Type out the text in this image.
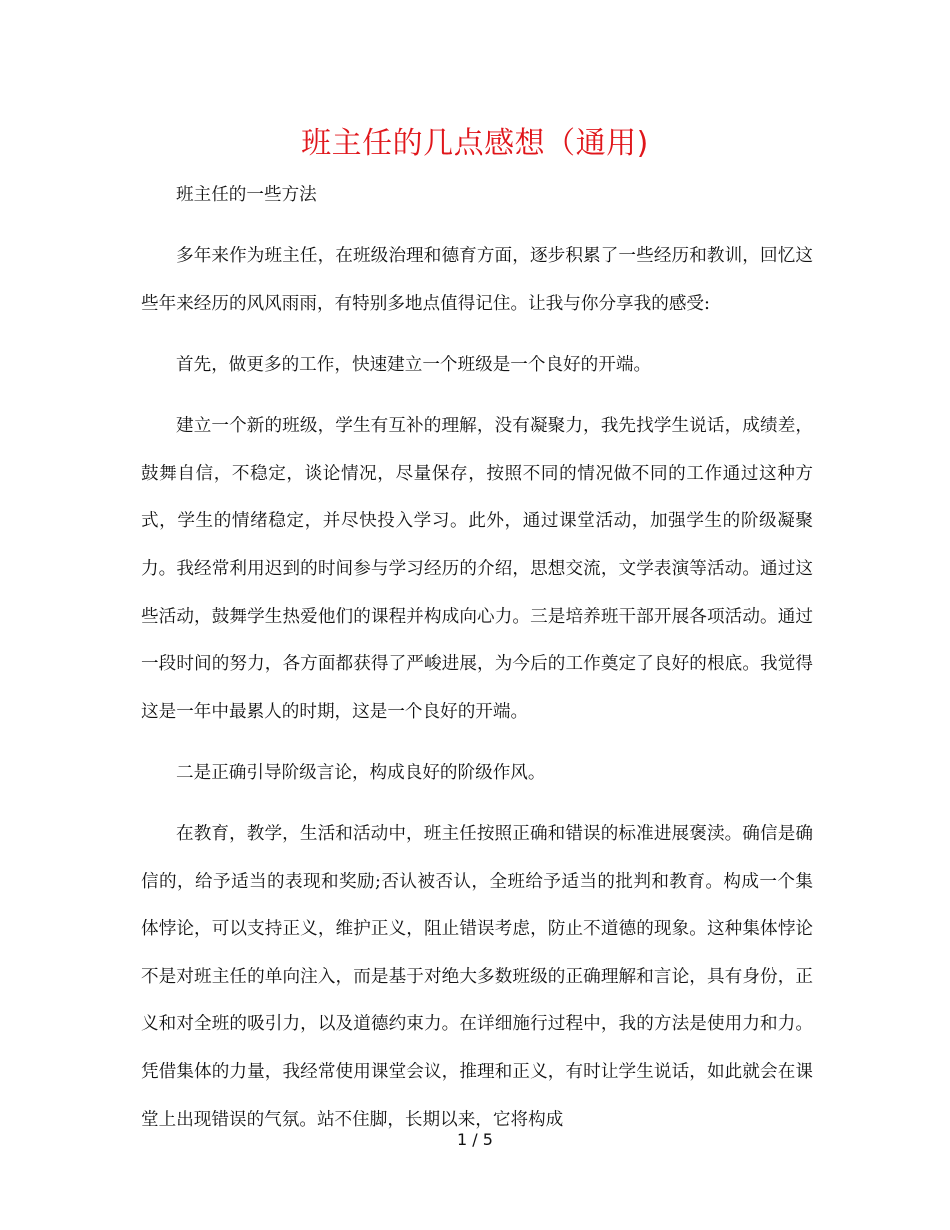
班主任的几点感想（通用)

班主任的一些方法

多年来作为班主任，在班级治理和德育方面，逐步积累了一些经历和教训，回忆这些年来经历的风风雨雨，有特别多地点值得记住。让我与你分享我的感受:

首先，做更多的工作，快速建立一个班级是一个良好的开端。

建立一个新的班级，学生有互补的理解，没有凝聚力，我先找学生说话，成绩差，鼓舞自信，不稳定，谈论情况，尽量保存，按照不同的情况做不同的工作通过这种方式，学生的情绪稳定，并尽快投入学习。此外，通过课堂活动，加强学生的阶级凝聚力。我经常利用迟到的时间参与学习经历的介绍，思想交流，文学表演等活动。通过这些活动，鼓舞学生热爱他们的课程并构成向心力。三是培养班干部开展各项活动。通过一段时间的努力，各方面都获得了严峻进展，为今后的工作奠定了良好的根底。我觉得这是一年中最累人的时期，这是一个良好的开端。

二是正确引导阶级言论，构成良好的阶级作风。

在教育，教学，生活和活动中，班主任按照正确和错误的标准进展褒渎。确信是确信的，给予适当的表现和奖励;否认被否认，全班给予适当的批判和教育。构成一个集体悖论，可以支持正义，维护正义，阻止错误考虑，防止不道德的现象。这种集体悖论不是对班主任的单向注入，而是基于对绝大多数班级的正确理解和言论，具有身份，正义和对全班的吸引力，以及道德约束力。在详细施行过程中，我的方法是使用力和力。凭借集体的力量，我经常使用课堂会议，推理和正义，有时让学生说话，如此就会在课堂上出现错误的气氛。站不住脚，长期以来，它将构成

1 / 5
